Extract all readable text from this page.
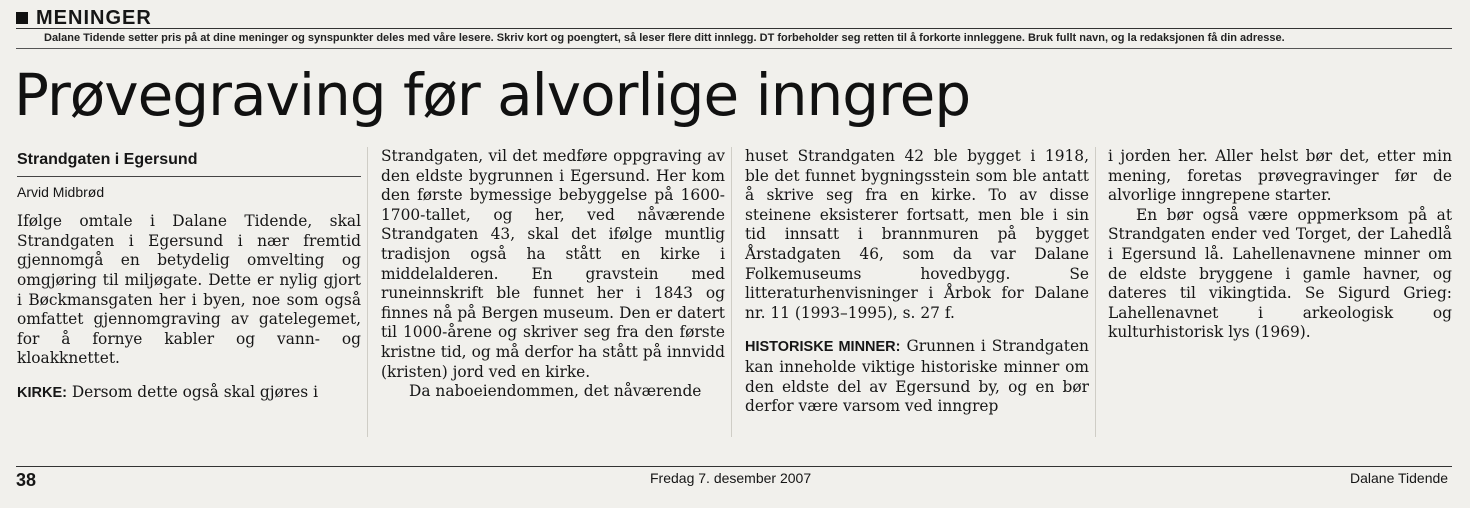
MENINGER
Dalane Tidende setter pris på at dine meninger og synspunkter deles med våre lesere. Skriv kort og poengtert, så leser flere ditt innlegg. DT forbeholder seg retten til å forkorte innleggene. Bruk fullt navn, og la redaksjonen få din adresse.
Prøvegraving før alvorlige inngrep
Strandgaten i Egersund
Arvid Midbrød

Ifølge omtale i Dalane Tidende, skal Strandgaten i Egersund i nær fremtid gjennomgå en betydelig omvelting og omgjøring til miljøgate. Dette er nylig gjort i Bøckmansgaten her i byen, noe som også omfattet gjennomgraving av gatelegemet, for å fornye kabler og vann- og kloakknettet.

KIRKE: Dersom dette også skal gjøres i

Strandgaten, vil det medføre oppgraving av den eldste bygrunnen i Egersund. Her kom den første bymessige bebyggelse på 1600-1700-tallet, og her, ved nåværende Strandgaten 43, skal det ifølge muntlig tradisjon også ha stått en kirke i middelalderen. En gravstein med runeinnskrift ble funnet her i 1843 og finnes nå på Bergen museum. Den er datert til 1000-årene og skriver seg fra den første kristne tid, og må derfor ha stått på innvidd (kristen) jord ved en kirke.

Da naboeiendommen, det nåværende

huset Strandgaten 42 ble bygget i 1918, ble det funnet bygningsstein som ble antatt å skrive seg fra en kirke. To av disse steinene eksisterer fortsatt, men ble i sin tid innsatt i brannmuren på bygget Årstadgaten 46, som da var Dalane Folkemuseums hovedbygg. Se litteraturhenvisninger i Årbok for Dalane nr. 11 (1993–1995), s. 27 f.

HISTORISKE MINNER: Grunnen i Strandgaten kan inneholde viktige historiske minner om den eldste del av Egersund by, og en bør derfor være varsom ved inngrep

i jorden her. Aller helst bør det, etter min mening, foretas prøvegravinger før de alvorlige inngrepene starter.

En bør også være oppmerksom på at Strandgaten ender ved Torget, der Lahedlå i Egersund lå. Lahellenavnene minner om de eldste bryggene i gamle havner, og dateres til vikingtida. Se Sigurd Grieg: Lahellenavnet i arkeologisk og kulturhistorisk lys (1969).

38	Fredag 7. desember 2007	Dalane Tidende
